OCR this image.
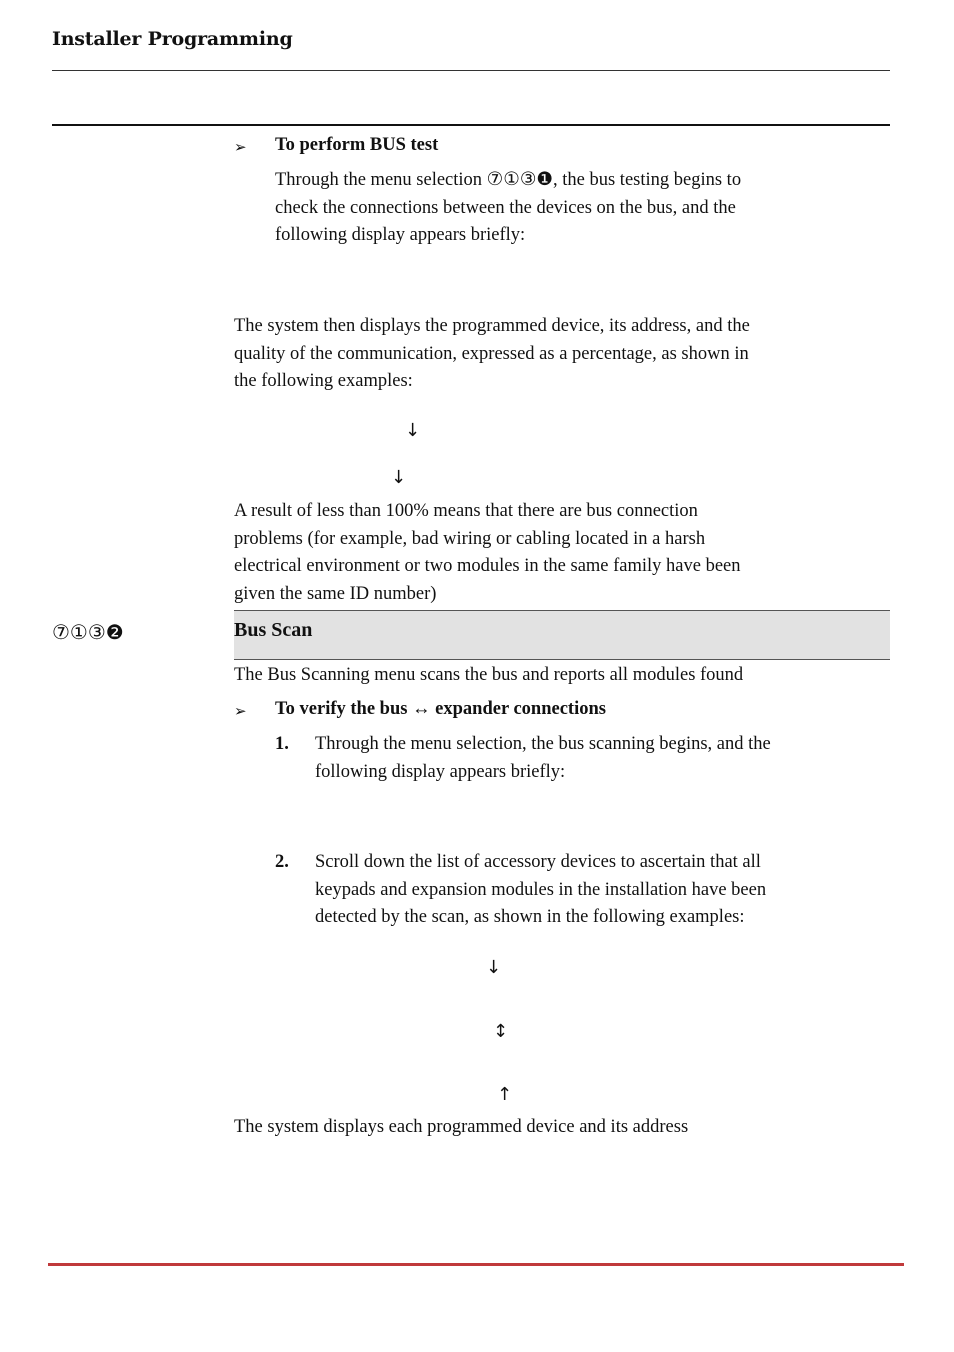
Installer Programming
➢ To perform BUS test
Through the menu selection ⑦①③❶, the bus testing begins to
check the connections between the devices on the bus, and the
following display appears briefly:
The system then displays the programmed device, its address, and the
quality of the communication, expressed as a percentage, as shown in
the following examples:
↓
↓
A result of less than 100% means that there are bus connection
problems (for example, bad wiring or cabling located in a harsh
electrical environment or two modules in the same family have been
given the same ID number)
⑦①③❷	Bus Scan
The Bus Scanning menu scans the bus and reports all modules found
➢ To verify the bus ↔ expander connections
1. Through the menu selection, the bus scanning begins, and the
following display appears briefly:
2. Scroll down the list of accessory devices to ascertain that all
keypads and expansion modules in the installation have been
detected by the scan, as shown in the following examples:
↓
↕
↑
The system displays each programmed device and its address
